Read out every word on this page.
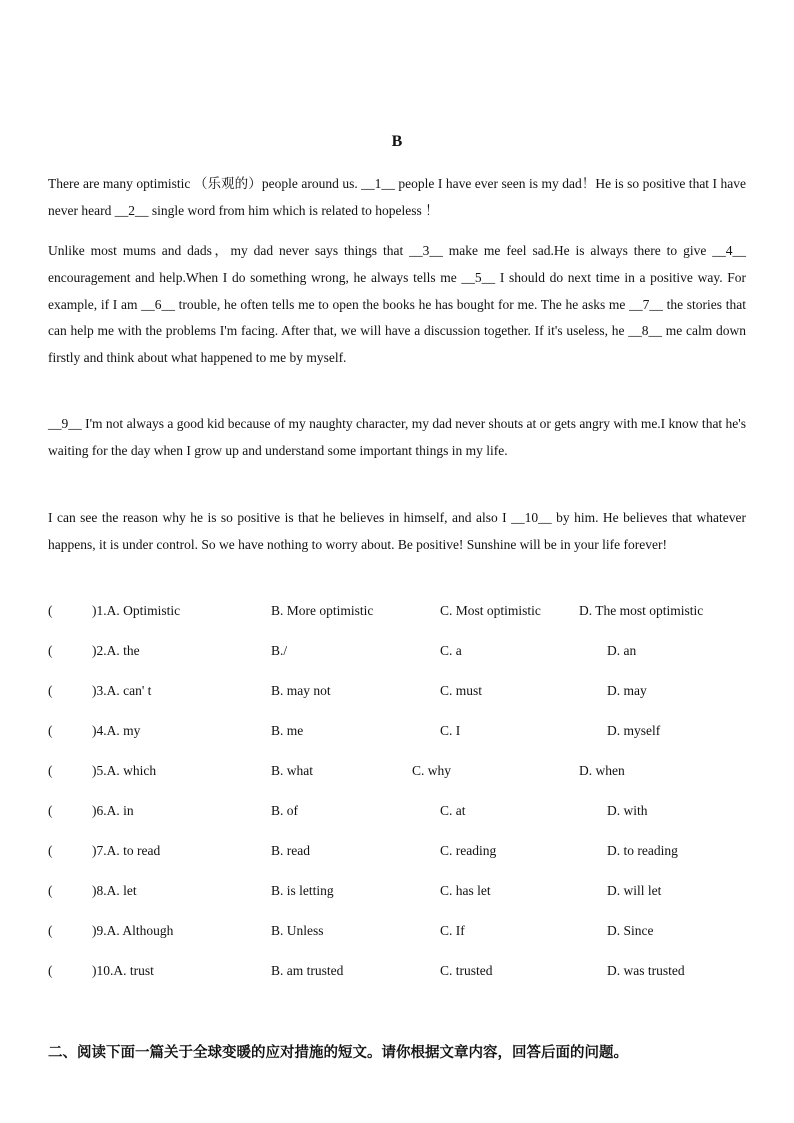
B

There are many optimistic （乐观的）people around us. __1__ people I have ever seen is my dad！He is so positive that I have never heard __2__ single word from him which is related to hopeless ！

Unlike most mums and dads，my dad never says things that __3__ make me feel sad.He is always there to give __4__ encouragement and help.When I do something wrong, he always tells me __5__ I should do next time in a positive way. For example, if I am __6__ trouble, he often tells me to open the books he has bought for me. The he asks me __7__ the stories that can help me with the problems I'm facing. After that, we will have a discussion together. If it's useless, he __8__ me calm down firstly and think about what happened to me by myself.

__9__ I'm not always a good kid because of my naughty character, my dad never shouts at or gets angry with me.I know that he's waiting for the day when I grow up and understand some important things in my life.

I can see the reason why he is so positive is that he believes in himself, and also I __10__ by him. He believes that whatever happens, it is under control. So we have nothing to worry about. Be positive! Sunshine will be in your life forever!

(	)1.A. Optimistic	B. More optimistic	C. Most optimistic	D. The most optimistic
(	)2.A. the	B./	C. a	D. an
(	)3.A. can' t	B. may not	C. must	D. may
(	)4.A. my	B. me	C. I	D. myself
(	)5.A. which	B. what	C. why	D. when
(	)6.A. in	B. of	C. at	D. with
(	)7.A. to read	B. read	C. reading	D. to reading
(	)8.A. let	B. is letting	C. has let	D. will let
(	)9.A. Although	B. Unless	C. If	D. Since
(	)10.A. trust	B. am trusted	C. trusted	D. was trusted
二、阅读下面一篇关于全球变暖的应对措施的短文。请你根据文章内容，回答后面的问题。
